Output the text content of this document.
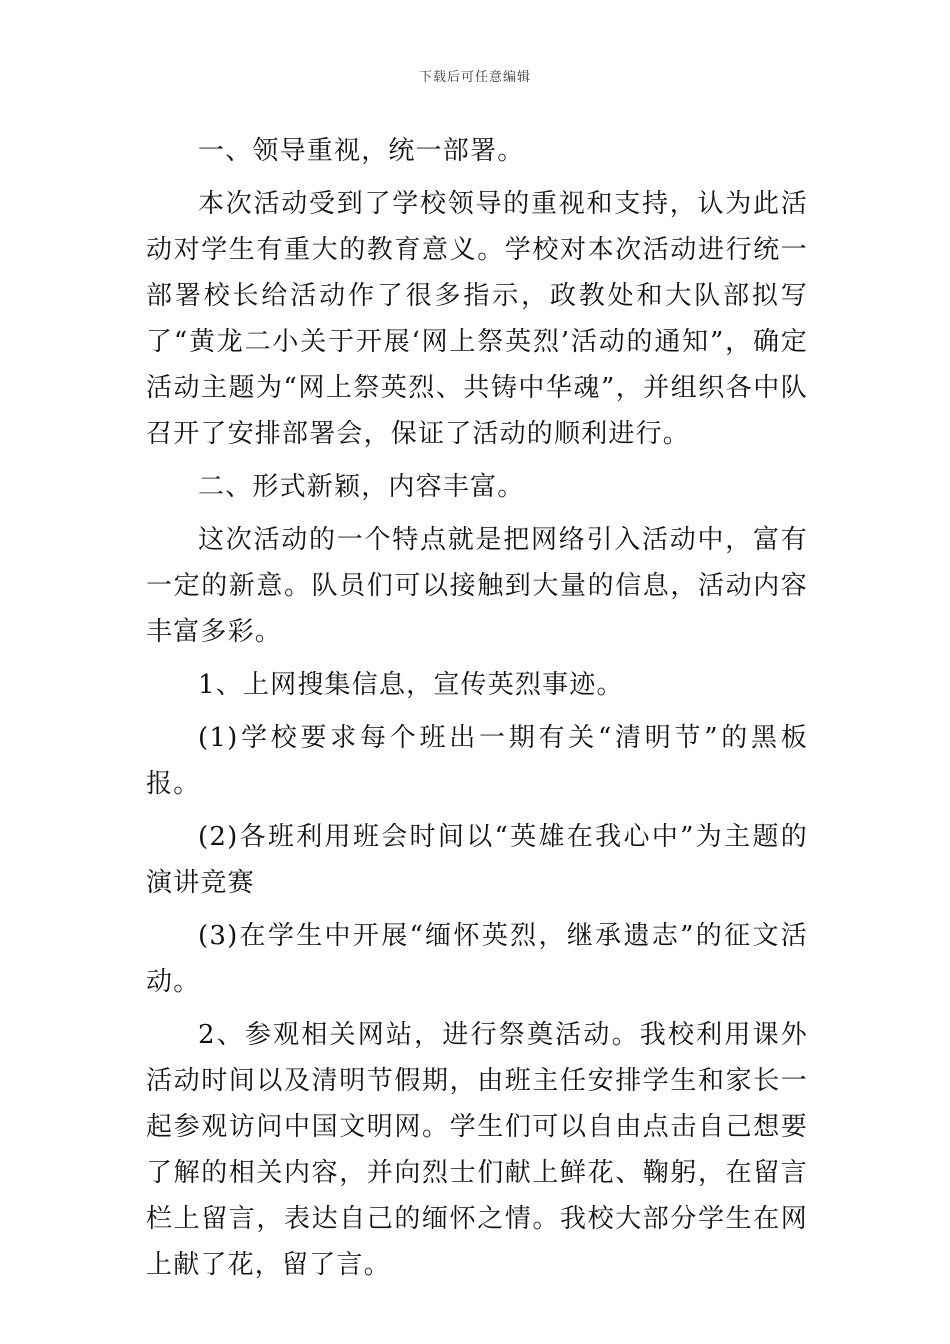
下载后可任意编辑

一、领导重视，统一部署。

本次活动受到了学校领导的重视和支持，认为此活动对学生有重大的教育意义。学校对本次活动进行统一部署校长给活动作了很多指示，政教处和大队部拟写了“黄龙二小关于开展‘网上祭英烈’活动的通知”，确定活动主题为“网上祭英烈、共铸中华魂”，并组织各中队召开了安排部署会，保证了活动的顺利进行。

二、形式新颖，内容丰富。

这次活动的一个特点就是把网络引入活动中，富有一定的新意。队员们可以接触到大量的信息，活动内容丰富多彩。

1、上网搜集信息，宣传英烈事迹。

(1)学校要求每个班出一期有关“清明节”的黑板报。

(2)各班利用班会时间以“英雄在我心中”为主题的演讲竞赛

(3)在学生中开展“缅怀英烈，继承遗志”的征文活动。

2、参观相关网站，进行祭奠活动。我校利用课外活动时间以及清明节假期，由班主任安排学生和家长一起参观访问中国文明网。学生们可以自由点击自己想要了解的相关内容，并向烈士们献上鲜花、鞠躬，在留言栏上留言，表达自己的缅怀之情。我校大部分学生在网上献了花，留了言。
